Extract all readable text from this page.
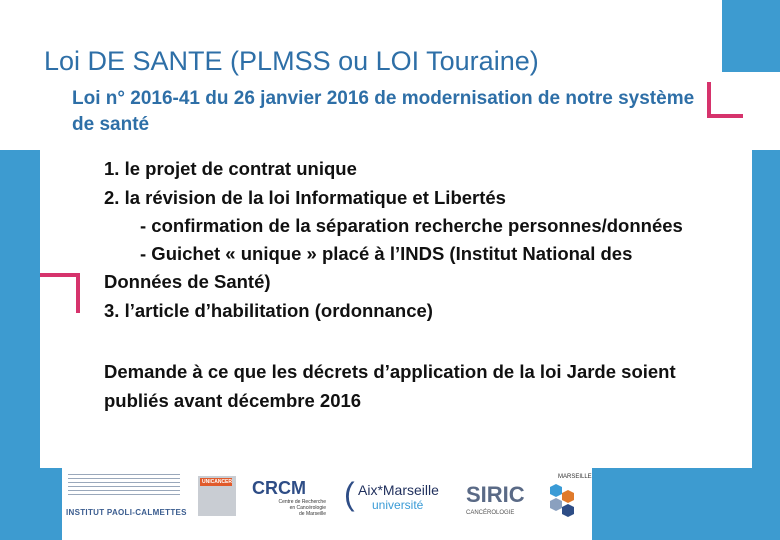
Loi DE SANTE (PLMSS ou LOI Touraine)
Loi n° 2016-41 du 26 janvier 2016 de modernisation de notre système de santé

1. le projet de contrat unique

2. la révision de la loi Informatique et Libertés

- confirmation de la séparation recherche personnes/données

- Guichet « unique » placé à l’INDS (Institut National des Données de Santé)

3. l’article d’habilitation (ordonnance)

Demande à ce que les décrets d’application de la loi Jarde soient publiés avant décembre 2016

INSTITUT PAOLI-CALMETTES
UNICANCER CRCM
Centre de Recherche
en Cancérologie
de Marseille
( Aix*Marseille
université SIRIC
CANCÉROLOGIE
MARSEILLE
